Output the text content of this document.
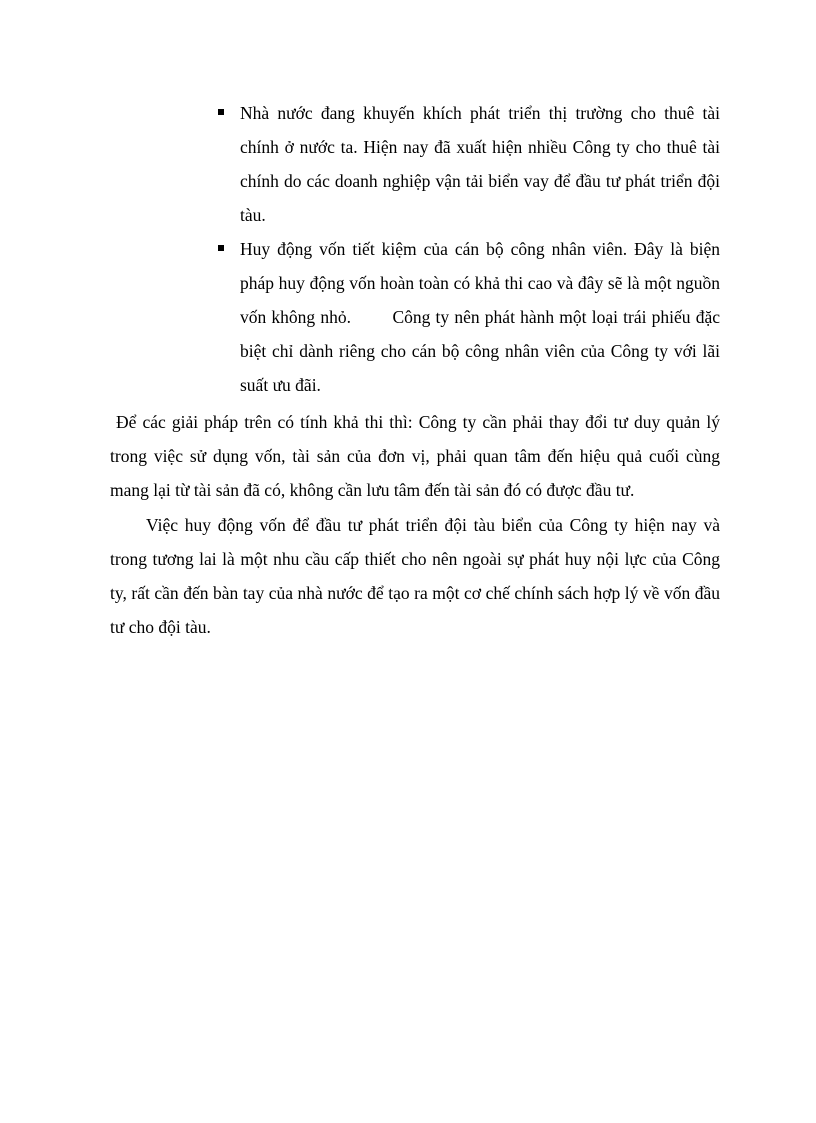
Nhà nước đang khuyến khích phát triển thị trường cho thuê tài chính ở nước ta. Hiện nay đã xuất hiện nhiều Công ty cho thuê tài chính do các doanh nghiệp vận tải biển vay để đầu tư phát triển đội tàu.
Huy động vốn tiết kiệm của cán bộ công nhân viên. Đây là biện pháp huy động vốn hoàn toàn có khả thi cao và đây sẽ là một nguồn vốn không nhỏ.        Công ty nên phát hành một loại trái phiếu đặc biệt chỉ dành riêng cho cán bộ công nhân viên của Công ty với lãi suất ưu đãi.

Để các giải pháp trên có tính khả thi thì: Công ty cần phải thay đổi tư duy quản lý trong việc sử dụng vốn, tài sản của đơn vị, phải quan tâm đến hiệu quả cuối cùng mang lại từ tài sản đã có, không cần lưu tâm đến tài sản đó có được đầu tư.

Việc huy động vốn để đầu tư phát triển đội tàu biển của Công ty hiện nay và trong tương lai là một nhu cầu cấp thiết cho nên ngoài sự phát huy nội lực của Công ty, rất cần đến bàn tay của nhà nước để tạo ra một cơ chế chính sách hợp lý về vốn đầu tư cho đội tàu.
